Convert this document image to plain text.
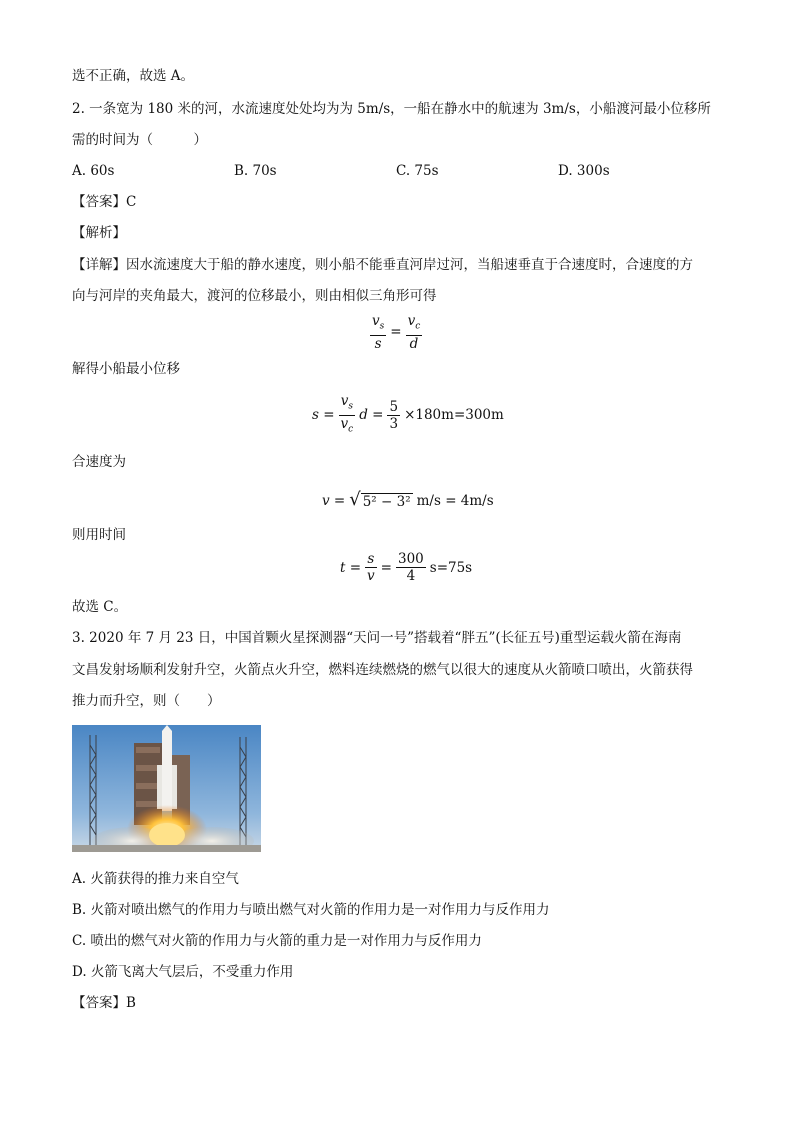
选不正确，故选 A。
2. 一条宽为 180 米的河，水流速度处处均为为 5m/s，一船在静水中的航速为 3m/s，小船渡河最小位移所
需的时间为（　　　）
A. 60s	B. 70s	C. 75s	D. 300s
【答案】C
【解析】
【详解】因水流速度大于船的静水速度，则小船不能垂直河岸过河，当船速垂直于合速度时，合速度的方
向与河岸的夹角最大，渡河的位移最小，则由相似三角形可得
$\frac{v_s}{s} = \frac{v_c}{d}$
解得小船最小位移
$s = \frac{v_s}{v_c}$ $d = \frac{5}{3} \times 180m=300m$
合速度为
v = √ 5² − 3² m/s = 4m/s
则用时间
$t = \frac{s}{v} = \frac{300}{4} s=75s$
故选 C。
3. 2020 年 7 月 23 日，中国首颗火星探测器“天问一号”搭载着“胖五”(长征五号)重型运载火箭在海南
文昌发射场顺利发射升空，火箭点火升空，燃料连续燃烧的燃气以很大的速度从火箭喷口喷出，火箭获得
推力而升空，则（　　）
A. 火箭获得的推力来自空气
B. 火箭对喷出燃气的作用力与喷出燃气对火箭的作用力是一对作用力与反作用力
C. 喷出的燃气对火箭的作用力与火箭的重力是一对作用力与反作用力
D. 火箭飞离大气层后，不受重力作用
【答案】B
